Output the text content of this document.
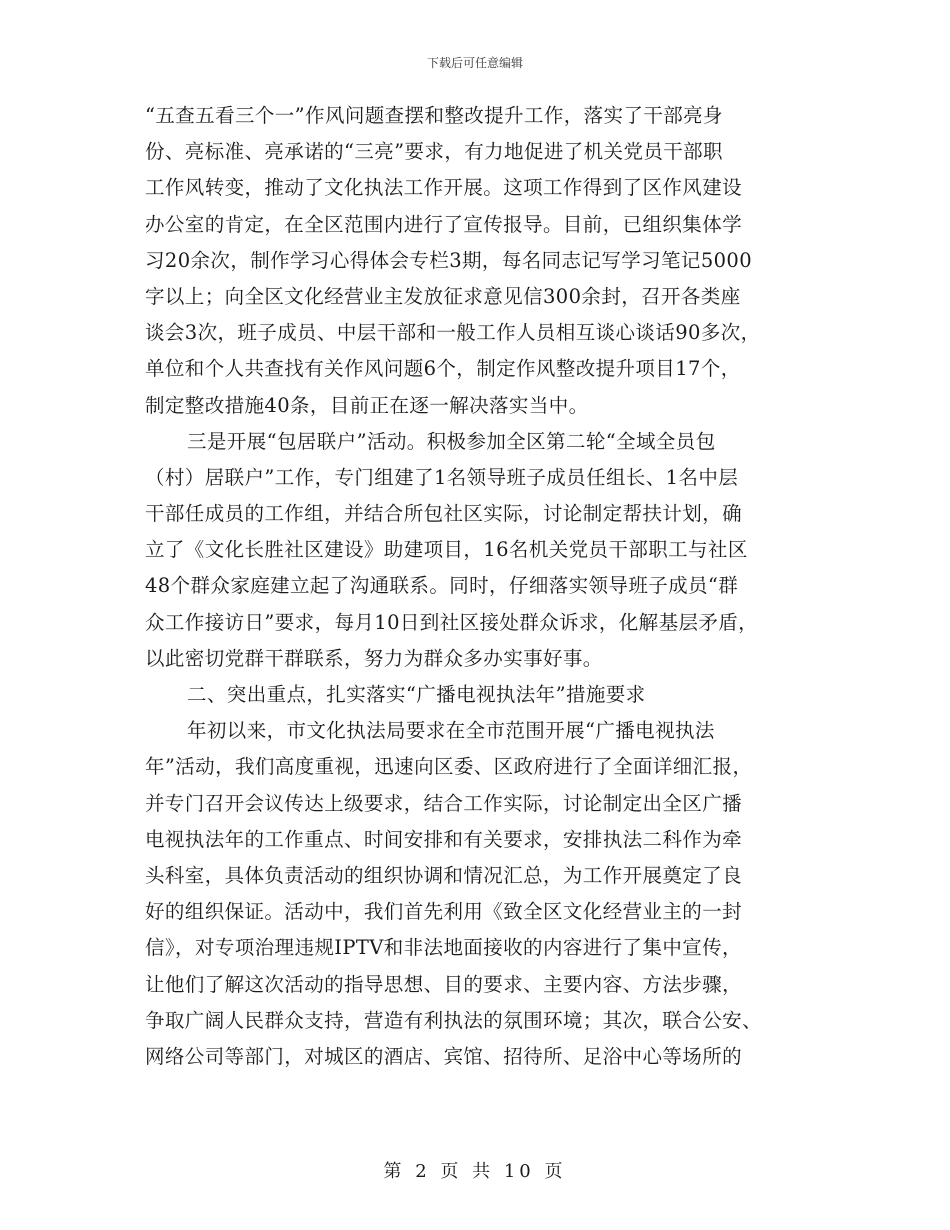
下载后可任意编辑
“五查五看三个一”作风问题查摆和整改提升工作，落实了干部亮身
份、亮标准、亮承诺的“三亮”要求，有力地促进了机关党员干部职
工作风转变，推动了文化执法工作开展。这项工作得到了区作风建设
办公室的肯定，在全区范围内进行了宣传报导。目前，已组织集体学
习20余次，制作学习心得体会专栏3期，每名同志记写学习笔记5000
字以上；向全区文化经营业主发放征求意见信300余封，召开各类座
谈会3次，班子成员、中层干部和一般工作人员相互谈心谈话90多次，
单位和个人共查找有关作风问题6个，制定作风整改提升项目17个，
制定整改措施40条，目前正在逐一解决落实当中。
三是开展“包居联户”活动。积极参加全区第二轮“全域全员包
（村）居联户”工作，专门组建了1名领导班子成员任组长、1名中层
干部任成员的工作组，并结合所包社区实际，讨论制定帮扶计划，确
立了《文化长胜社区建设》助建项目，16名机关党员干部职工与社区
48个群众家庭建立起了沟通联系。同时，仔细落实领导班子成员“群
众工作接访日”要求，每月10日到社区接处群众诉求，化解基层矛盾，
以此密切党群干群联系，努力为群众多办实事好事。
二、突出重点，扎实落实“广播电视执法年”措施要求
年初以来，市文化执法局要求在全市范围开展“广播电视执法
年”活动，我们高度重视，迅速向区委、区政府进行了全面详细汇报，
并专门召开会议传达上级要求，结合工作实际，讨论制定出全区广播
电视执法年的工作重点、时间安排和有关要求，安排执法二科作为牵
头科室，具体负责活动的组织协调和情况汇总，为工作开展奠定了良
好的组织保证。活动中，我们首先利用《致全区文化经营业主的一封
信》，对专项治理违规IPTV和非法地面接收的内容进行了集中宣传，
让他们了解这次活动的指导思想、目的要求、主要内容、方法步骤，
争取广阔人民群众支持，营造有利执法的氛围环境；其次，联合公安、
网络公司等部门，对城区的酒店、宾馆、招待所、足浴中心等场所的
第 2 页 共 10 页
